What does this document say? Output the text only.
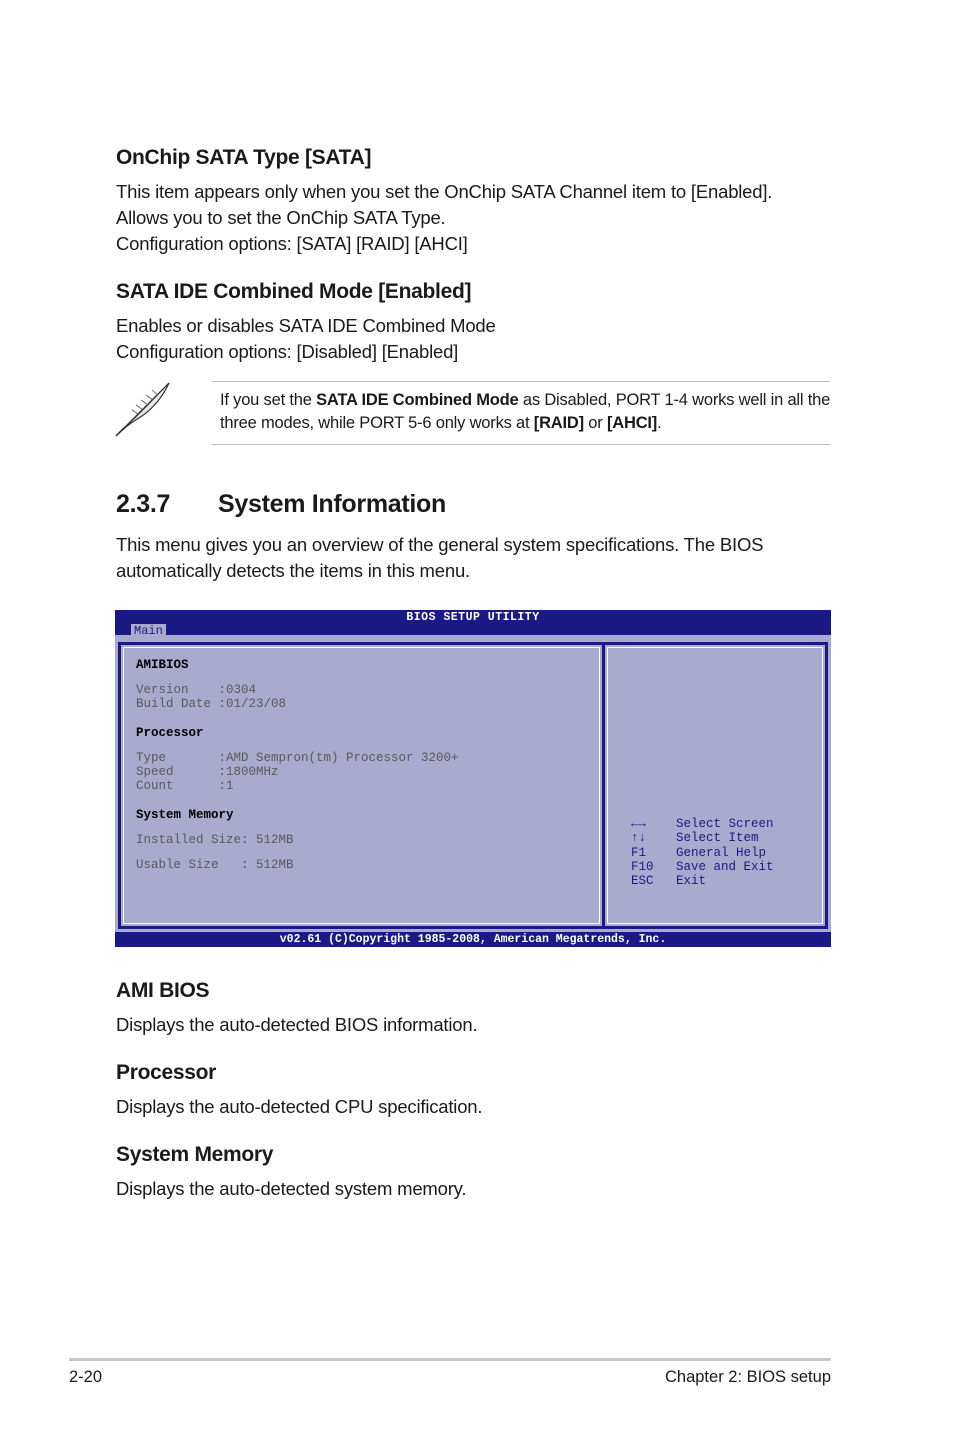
OnChip SATA Type [SATA]
This item appears only when you set the OnChip SATA Channel item to [Enabled].
Allows you to set the OnChip SATA Type.
Configuration options: [SATA] [RAID] [AHCI]
SATA IDE Combined Mode [Enabled]
Enables or disables SATA IDE Combined Mode
Configuration options: [Disabled] [Enabled]
If you set the SATA IDE Combined Mode as Disabled, PORT 1-4 works well in all the three modes, while PORT 5-6 only works at [RAID] or [AHCI].
2.3.7 System Information
This menu gives you an overview of the general system specifications. The BIOS
automatically detects the items in this menu.
BIOS SETUP UTILITY
Main
AMIBIOS
Version    :0304
Build Date :01/23/08
Processor
Type       :AMD Sempron(tm) Processor 3200+
Speed      :1800MHz
Count      :1
System Memory
Installed Size: 512MB
Usable Size   : 512MB
←→ Select Screen
↑↓ Select Item
F1 General Help
F10 Save and Exit
ESC Exit
v02.61 (C)Copyright 1985-2008, American Megatrends, Inc.
AMI BIOS
Displays the auto-detected BIOS information.
Processor
Displays the auto-detected CPU specification.
System Memory
Displays the auto-detected system memory.
2-20	Chapter 2: BIOS setup
